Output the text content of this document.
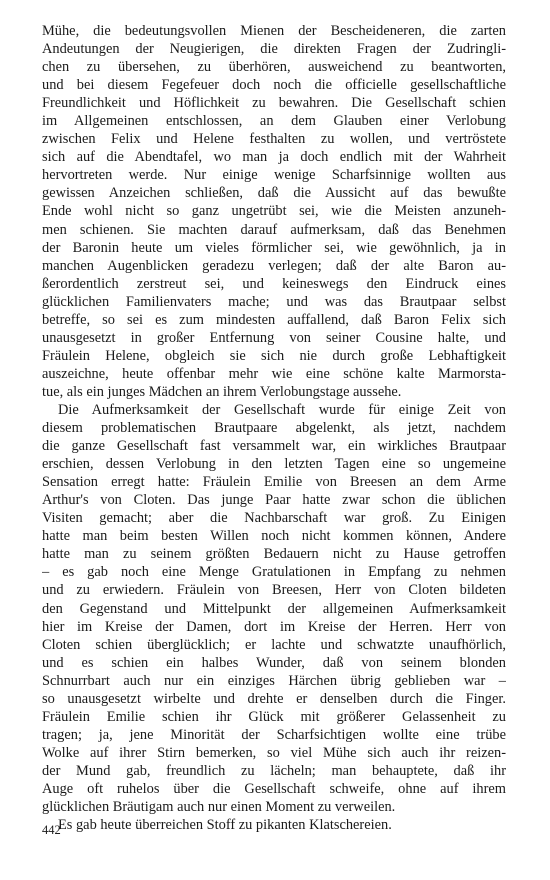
Mühe, die bedeutungsvollen Mienen der Bescheideneren, die zarten
Andeutungen der Neugierigen, die direkten Fragen der Zudringli-
chen zu übersehen, zu überhören, ausweichend zu beantworten,
und bei diesem Fegefeuer doch noch die officielle gesellschaftliche
Freundlichkeit und Höflichkeit zu bewahren. Die Gesellschaft schien
im Allgemeinen entschlossen, an dem Glauben einer Verlobung
zwischen Felix und Helene festhalten zu wollen, und vertröstete
sich auf die Abendtafel, wo man ja doch endlich mit der Wahrheit
hervortreten werde. Nur einige wenige Scharfsinnige wollten aus
gewissen Anzeichen schließen, daß die Aussicht auf das bewußte
Ende wohl nicht so ganz ungetrübt sei, wie die Meisten anzuneh-
men schienen. Sie machten darauf aufmerksam, daß das Benehmen
der Baronin heute um vieles förmlicher sei, wie gewöhnlich, ja in
manchen Augenblicken geradezu verlegen; daß der alte Baron au-
ßerordentlich zerstreut sei, und keineswegs den Eindruck eines
glücklichen Familienvaters mache; und was das Brautpaar selbst
betreffe, so sei es zum mindesten auffallend, daß Baron Felix sich
unausgesetzt in großer Entfernung von seiner Cousine halte, und
Fräulein Helene, obgleich sie sich nie durch große Lebhaftigkeit
auszeichne, heute offenbar mehr wie eine schöne kalte Marmorsta-
tue, als ein junges Mädchen an ihrem Verlobungstage aussehe.
Die Aufmerksamkeit der Gesellschaft wurde für einige Zeit von
diesem problematischen Brautpaare abgelenkt, als jetzt, nachdem
die ganze Gesellschaft fast versammelt war, ein wirkliches Brautpaar
erschien, dessen Verlobung in den letzten Tagen eine so ungemeine
Sensation erregt hatte: Fräulein Emilie von Breesen an dem Arme
Arthur's von Cloten. Das junge Paar hatte zwar schon die üblichen
Visiten gemacht; aber die Nachbarschaft war groß. Zu Einigen
hatte man beim besten Willen noch nicht kommen können, Andere
hatte man zu seinem größten Bedauern nicht zu Hause getroffen
– es gab noch eine Menge Gratulationen in Empfang zu nehmen
und zu erwiedern. Fräulein von Breesen, Herr von Cloten bildeten
den Gegenstand und Mittelpunkt der allgemeinen Aufmerksamkeit
hier im Kreise der Damen, dort im Kreise der Herren. Herr von
Cloten schien überglücklich; er lachte und schwatzte unaufhörlich,
und es schien ein halbes Wunder, daß von seinem blonden
Schnurrbart auch nur ein einziges Härchen übrig geblieben war –
so unausgesetzt wirbelte und drehte er denselben durch die Finger.
Fräulein Emilie schien ihr Glück mit größerer Gelassenheit zu
tragen; ja, jene Minorität der Scharfsichtigen wollte eine trübe
Wolke auf ihrer Stirn bemerken, so viel Mühe sich auch ihr reizen-
der Mund gab, freundlich zu lächeln; man behauptete, daß ihr
Auge oft ruhelos über die Gesellschaft schweife, ohne auf ihrem
glücklichen Bräutigam auch nur einen Moment zu verweilen.
Es gab heute überreichen Stoff zu pikanten Klatschereien.
442
